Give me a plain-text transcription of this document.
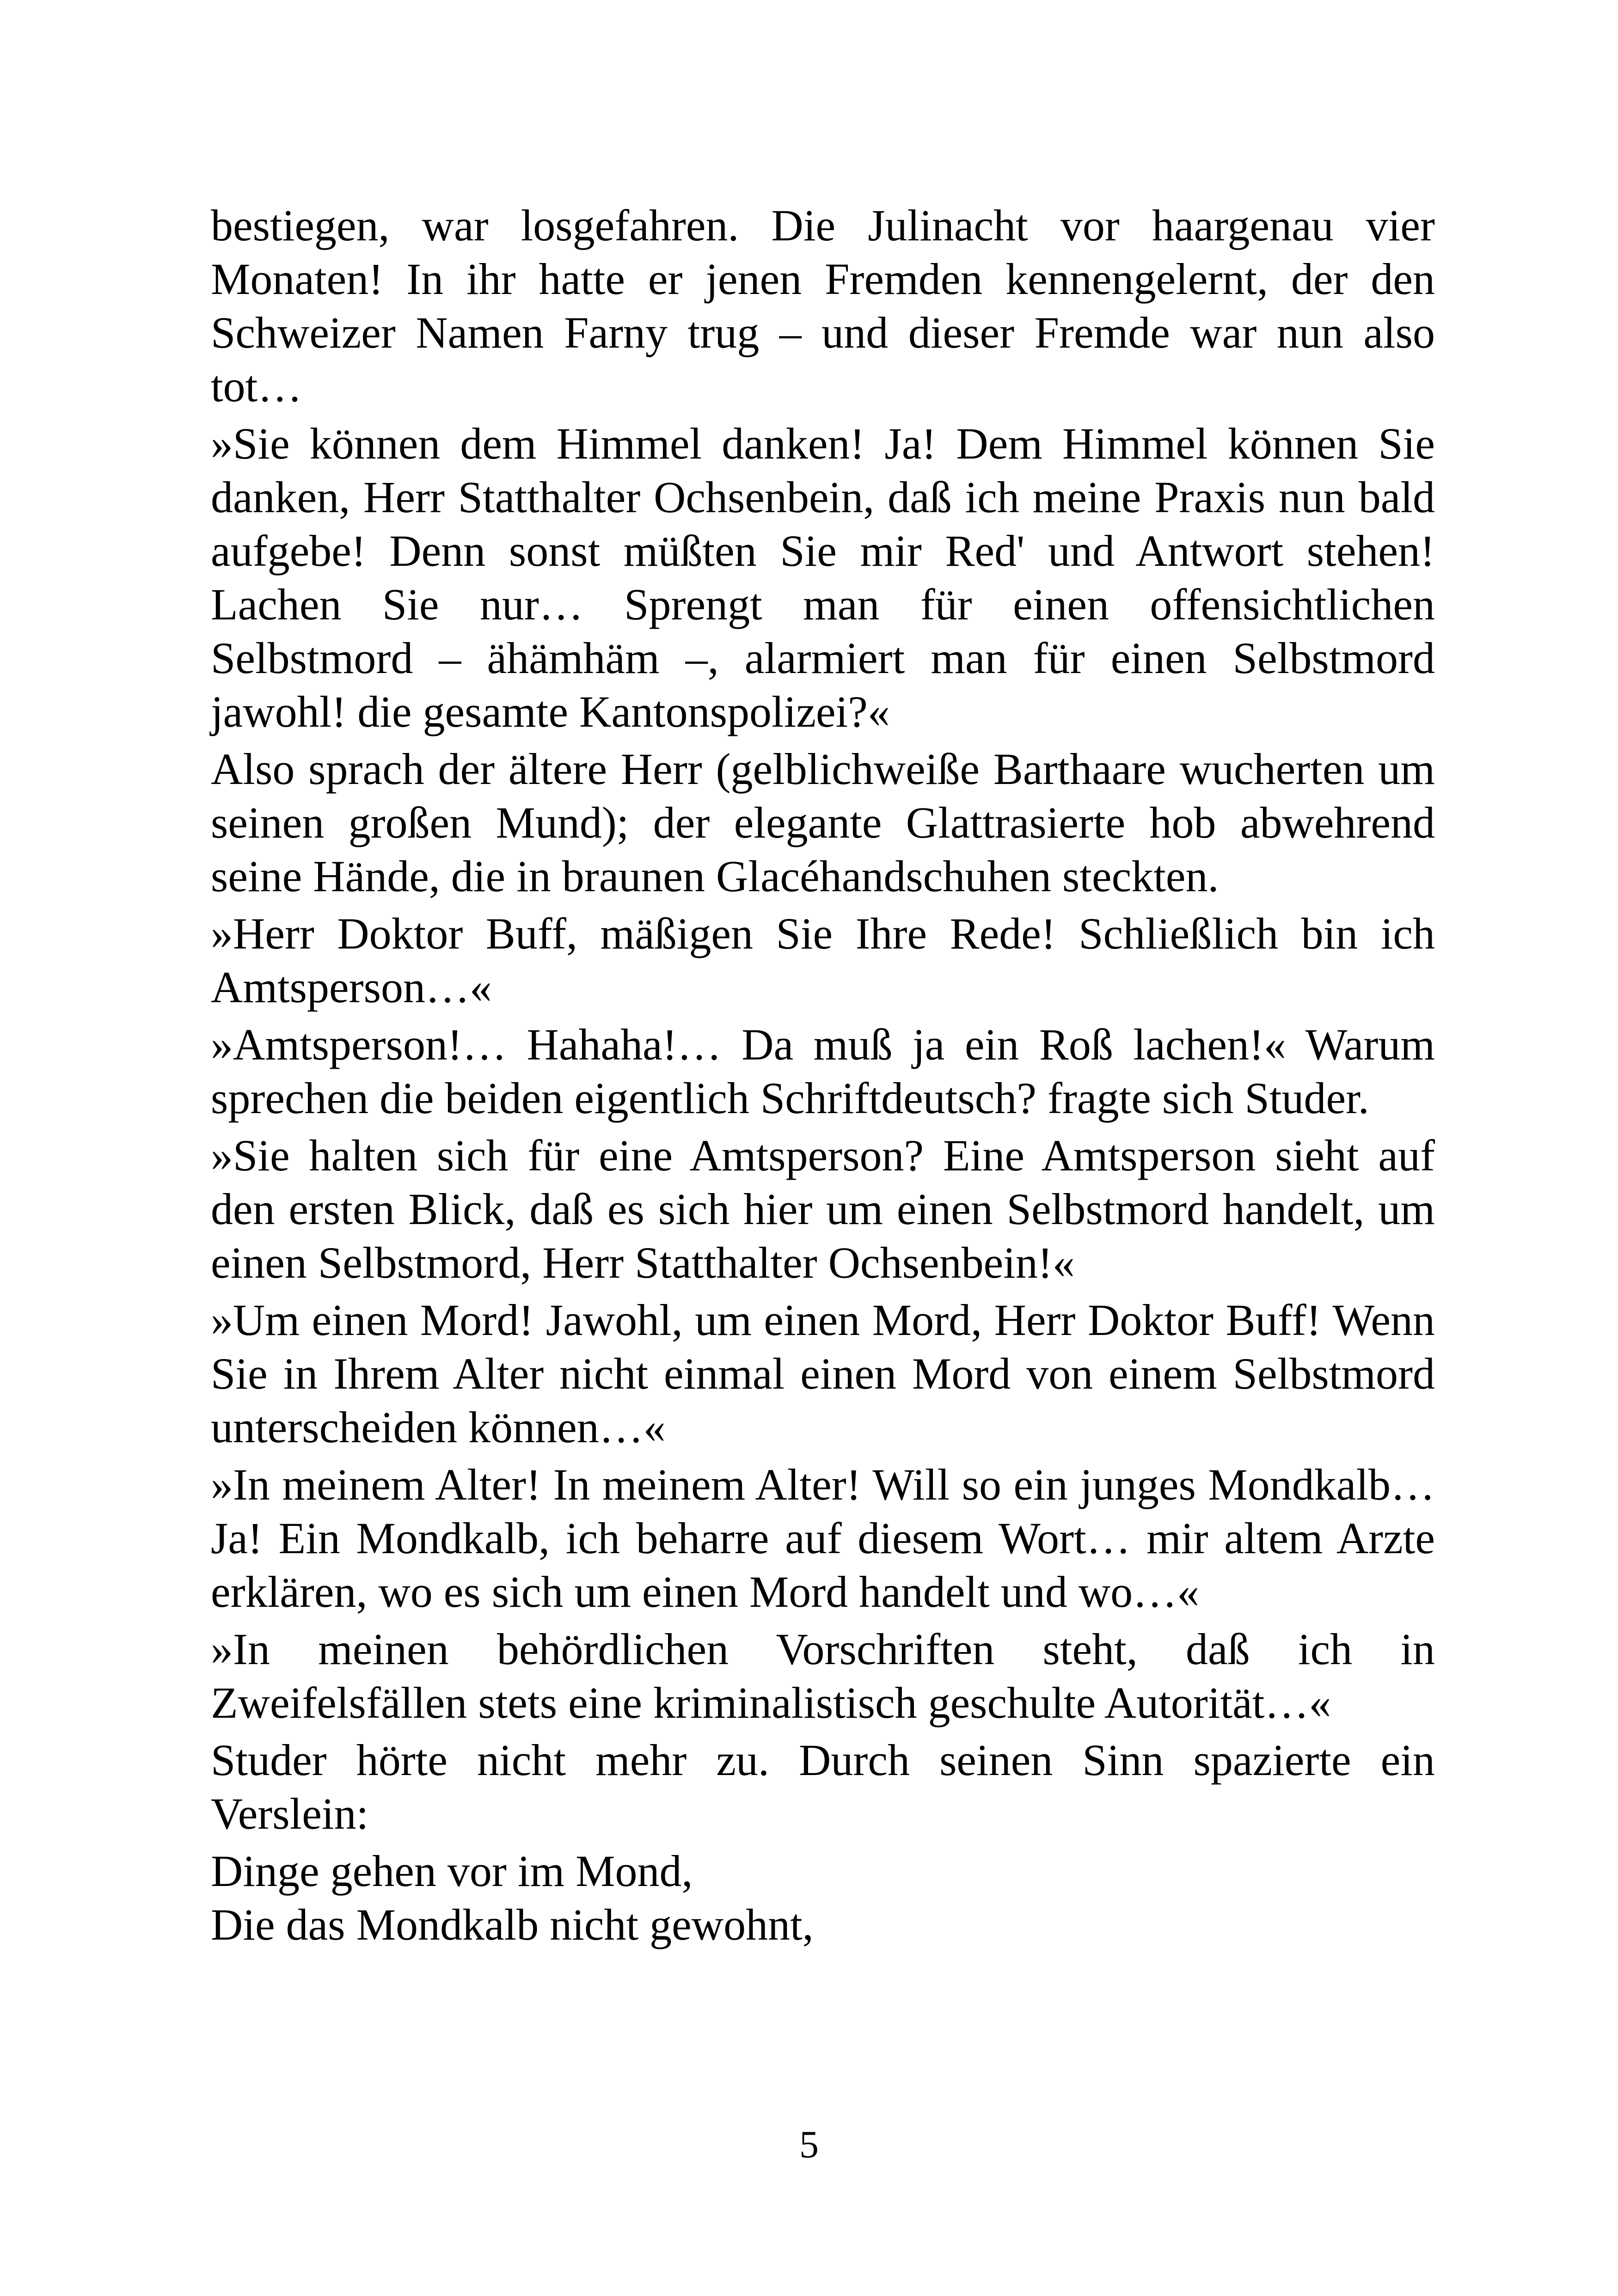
bestiegen, war losgefahren. Die Julinacht vor haargenau vier Monaten! In ihr hatte er jenen Fremden kennengelernt, der den Schweizer Namen Farny trug – und dieser Fremde war nun also tot…

»Sie können dem Himmel danken! Ja! Dem Himmel können Sie danken, Herr Statthalter Ochsenbein, daß ich meine Praxis nun bald aufgebe! Denn sonst müßten Sie mir Red' und Antwort stehen! Lachen Sie nur… Sprengt man für einen offensichtlichen Selbstmord – ähämhäm –, alarmiert man für einen Selbstmord jawohl! die gesamte Kantonspolizei?«

Also sprach der ältere Herr (gelblichweiße Barthaare wucherten um seinen großen Mund); der elegante Glattrasierte hob abwehrend seine Hände, die in braunen Glacéhandschuhen steckten.

»Herr Doktor Buff, mäßigen Sie Ihre Rede! Schließlich bin ich Amtsperson…«

»Amtsperson!… Hahaha!… Da muß ja ein Roß lachen!« Warum sprechen die beiden eigentlich Schriftdeutsch? fragte sich Studer.

»Sie halten sich für eine Amtsperson? Eine Amtsperson sieht auf den ersten Blick, daß es sich hier um einen Selbstmord handelt, um einen Selbstmord, Herr Statthalter Ochsenbein!«

»Um einen Mord! Jawohl, um einen Mord, Herr Doktor Buff! Wenn Sie in Ihrem Alter nicht einmal einen Mord von einem Selbstmord unterscheiden können…«

»In meinem Alter! In meinem Alter! Will so ein junges Mondkalb… Ja! Ein Mondkalb, ich beharre auf diesem Wort… mir altem Arzte erklären, wo es sich um einen Mord handelt und wo…«

»In meinen behördlichen Vorschriften steht, daß ich in Zweifelsfällen stets eine kriminalistisch geschulte Autorität…«

Studer hörte nicht mehr zu. Durch seinen Sinn spazierte ein Verslein:

Dinge gehen vor im Mond,

Die das Mondkalb nicht gewohnt,

5
